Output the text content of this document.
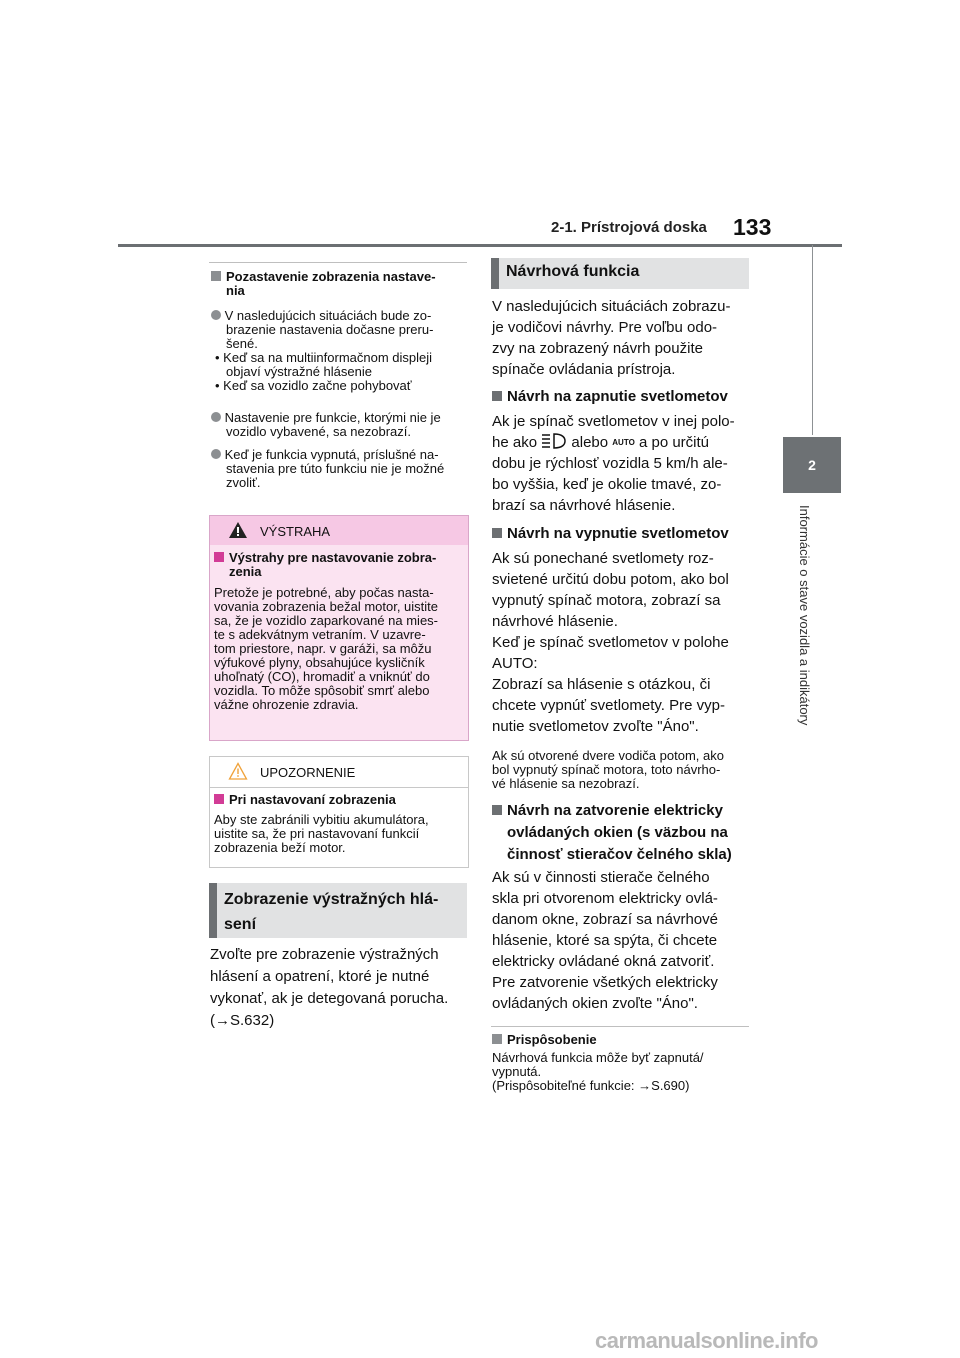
2-1. Prístrojová doska 133
2
Informácie o stave vozidla a indikátory
Pozastavenie zobrazenia nastave-
nia
V nasledujúcich situáciách bude zo-
brazenie nastavenia dočasne preru-
šené.
• Keď sa na multiinformačnom displeji
objaví výstražné hlásenie
• Keď sa vozidlo začne pohybovať
Nastavenie pre funkcie, ktorými nie je
vozidlo vybavené, sa nezobrazí.
Keď je funkcia vypnutá, príslušné na-
stavenia pre túto funkciu nie je možné
zvoliť.
VÝSTRAHA
Výstrahy pre nastavovanie zobra-
zenia
Pretože je potrebné, aby počas nasta-
vovania zobrazenia bežal motor, uistite
sa, že je vozidlo zaparkované na mies-
te s adekvátnym vetraním. V uzavre-
tom priestore, napr. v garáži, sa môžu
výfukové plyny, obsahujúce kysličník
uhoľnatý (CO), hromadiť a vniknúť do
vozidla. To môže spôsobiť smrť alebo
vážne ohrozenie zdravia.
UPOZORNENIE
Pri nastavovaní zobrazenia
Aby ste zabránili vybitiu akumulátora,
uistite sa, že pri nastavovaní funkcií
zobrazenia beží motor.
Zobrazenie výstražných hlá-
sení
Zvoľte pre zobrazenie výstražných
hlásení a opatrení, ktoré je nutné
vykonať, ak je detegovaná porucha.
(→S.632)
Návrhová funkcia
V nasledujúcich situáciách zobrazu-
je vodičovi návrhy. Pre voľbu odo-
zvy na zobrazený návrh použite
spínače ovládania prístroja.
Návrh na zapnutie svetlometov
Ak je spínač svetlometov v inej polo-
he ako alebo AUTO a po určitú
dobu je rýchlosť vozidla 5 km/h ale-
bo vyššia, keď je okolie tmavé, zo-
brazí sa návrhové hlásenie.
Návrh na vypnutie svetlometov
Ak sú ponechané svetlomety roz-
svietené určitú dobu potom, ako bol
vypnutý spínač motora, zobrazí sa
návrhové hlásenie.
Keď je spínač svetlometov v polohe
AUTO:
Zobrazí sa hlásenie s otázkou, či
chcete vypnúť svetlomety. Pre vyp-
nutie svetlometov zvoľte "Áno".
Ak sú otvorené dvere vodiča potom, ako
bol vypnutý spínač motora, toto návrho-
vé hlásenie sa nezobrazí.
Návrh na zatvorenie elektricky
ovládaných okien (s väzbou na
činnosť stieračov čelného skla)
Ak sú v činnosti stierače čelného
skla pri otvorenom elektricky ovlá-
danom okne, zobrazí sa návrhové
hlásenie, ktoré sa spýta, či chcete
elektricky ovládané okná zatvoriť.
Pre zatvorenie všetkých elektricky
ovládaných okien zvoľte "Áno".
Prispôsobenie
Návrhová funkcia môže byť zapnutá/
vypnutá.
(Prispôsobiteľné funkcie: →S.690)
carmanualsonline.info
